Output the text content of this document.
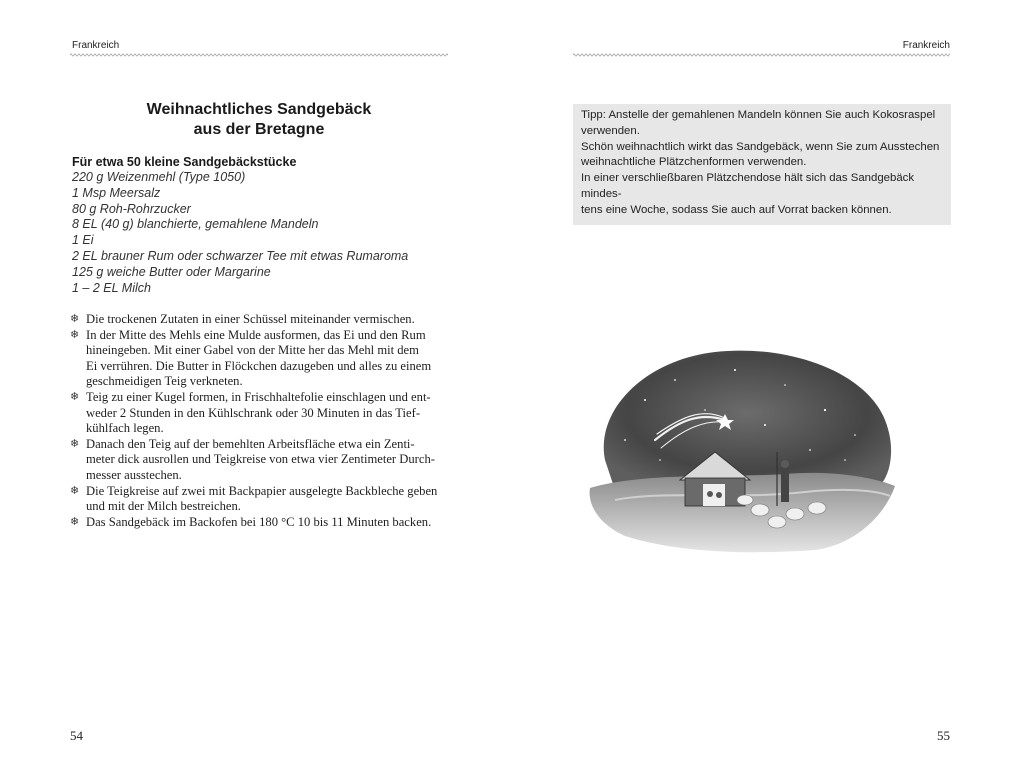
Frankreich
Weihnachtliches Sandgebäck
aus der Bretagne
Für etwa 50 kleine Sandgebäckstücke
220 g Weizenmehl (Type 1050)
1 Msp Meersalz
80 g Roh-Rohrzucker
8 EL (40 g) blanchierte, gemahlene Mandeln
1 Ei
2 EL brauner Rum oder schwarzer Tee mit etwas Rumaroma
125 g weiche Butter oder Margarine
1 – 2 EL Milch
❄ Die trockenen Zutaten in einer Schüssel miteinander vermischen.
❄ In der Mitte des Mehls eine Mulde ausformen, das Ei und den Rum
hineingeben. Mit einer Gabel von der Mitte her das Mehl mit dem
Ei verrühren. Die Butter in Flöckchen dazugeben und alles zu einem
geschmeidigen Teig verkneten.
❄ Teig zu einer Kugel formen, in Frischhaltefolie einschlagen und ent-
weder 2 Stunden in den Kühlschrank oder 30 Minuten in das Tief-
kühlfach legen.
❄ Danach den Teig auf der bemehlten Arbeitsfläche etwa ein Zenti-
meter dick ausrollen und Teigkreise von etwa vier Zentimeter Durch-
messer ausstechen.
❄ Die Teigkreise auf zwei mit Backpapier ausgelegte Backbleche geben
und mit der Milch bestreichen.
❄ Das Sandgebäck im Backofen bei 180 °C 10 bis 11 Minuten backen.
54
Frankreich

Tipp: Anstelle der gemahlenen Mandeln können Sie auch Kokosraspel

verwenden.

Schön weihnachtlich wirkt das Sandgebäck, wenn Sie zum Ausstechen

weihnachtliche Plätzchenformen verwenden.

In einer verschließbaren Plätzchendose hält sich das Sandgebäck mindes-

tens eine Woche, sodass Sie auch auf Vorrat backen können.

55
